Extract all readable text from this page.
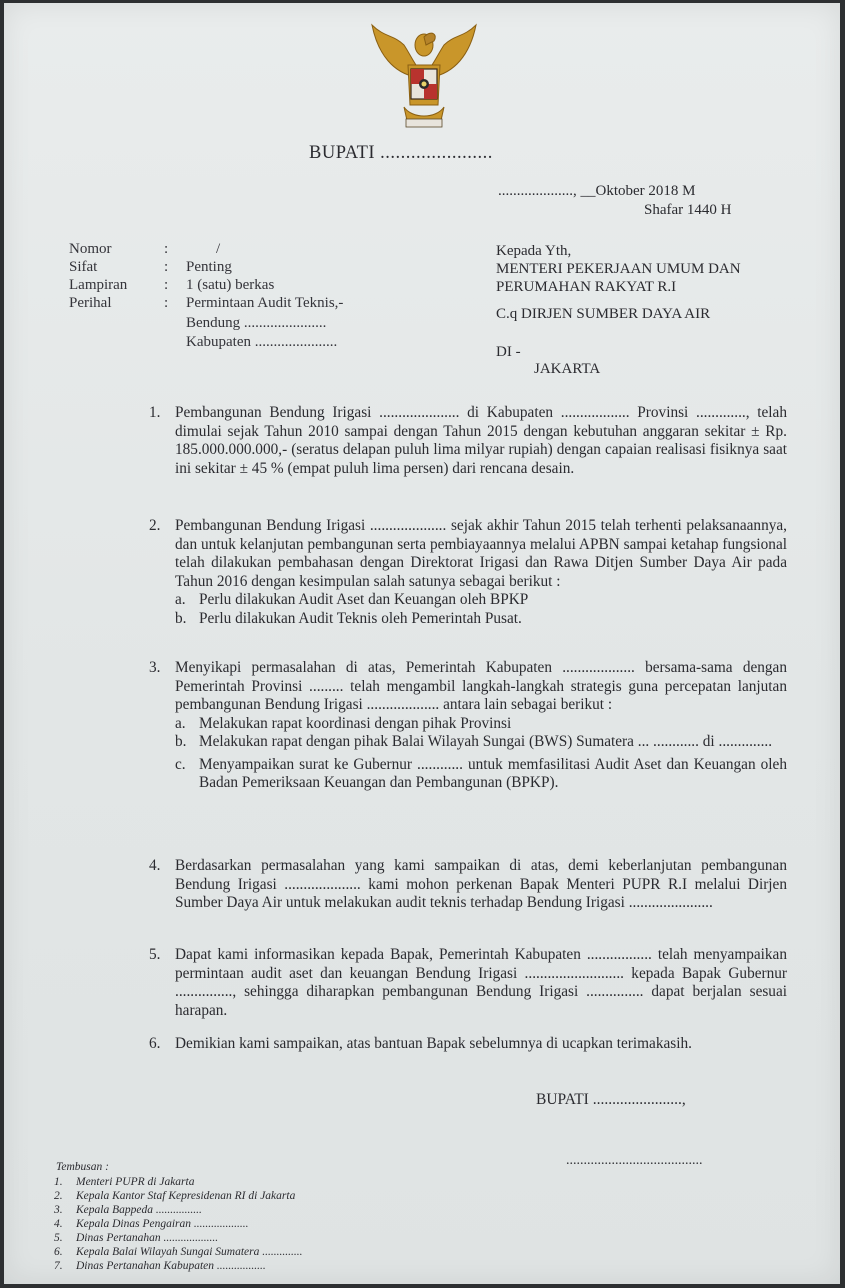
BUPATI ......................
...................., __Oktober 2018 M
Shafar 1440 H
Nomor	:	/
Sifat	: Penting
Lampiran : 1 (satu) berkas
Perihal	: Permintaan Audit Teknis,-
Bendung ......................
Kabupaten ......................
Kepada Yth,
MENTERI PEKERJAAN UMUM DAN
PERUMAHAN RAKYAT R.I
C.q DIRJEN SUMBER DAYA AIR
DI -
JAKARTA
1. Pembangunan Bendung Irigasi ..................... di Kabupaten .................. Provinsi ............., telah dimulai sejak Tahun 2010 sampai dengan Tahun 2015 dengan kebutuhan anggaran sekitar ± Rp. 185.000.000.000,- (seratus delapan puluh lima milyar rupiah) dengan capaian realisasi fisiknya saat ini sekitar ± 45 % (empat puluh lima persen) dari rencana desain.
2. Pembangunan Bendung Irigasi .................... sejak akhir Tahun 2015 telah terhenti pelaksanaannya, dan untuk kelanjutan pembangunan serta pembiayaannya melalui APBN sampai ketahap fungsional telah dilakukan pembahasan dengan Direktorat Irigasi dan Rawa Ditjen Sumber Daya Air pada Tahun 2016 dengan kesimpulan salah satunya sebagai berikut :
a. Perlu dilakukan Audit Aset dan Keuangan oleh BPKP
b. Perlu dilakukan Audit Teknis oleh Pemerintah Pusat.
3. Menyikapi permasalahan di atas, Pemerintah Kabupaten ................... bersama-sama dengan Pemerintah Provinsi ......... telah mengambil langkah-langkah strategis guna percepatan lanjutan pembangunan Bendung Irigasi ................... antara lain sebagai berikut :
a. Melakukan rapat koordinasi dengan pihak Provinsi
b. Melakukan rapat dengan pihak Balai Wilayah Sungai (BWS) Sumatera ... ............ di ..............
c. Menyampaikan surat ke Gubernur ............ untuk memfasilitasi Audit Aset dan Keuangan oleh Badan Pemeriksaan Keuangan dan Pembangunan (BPKP).
4. Berdasarkan permasalahan yang kami sampaikan di atas, demi keberlanjutan pembangunan Bendung Irigasi .................... kami mohon perkenan Bapak Menteri PUPR R.I melalui Dirjen Sumber Daya Air untuk melakukan audit teknis terhadap Bendung Irigasi ......................
5. Dapat kami informasikan kepada Bapak, Pemerintah Kabupaten ................. telah menyampaikan permintaan audit aset dan keuangan Bendung Irigasi .......................... kepada Bapak Gubernur ..............., sehingga diharapkan pembangunan Bendung Irigasi ............... dapat berjalan sesuai harapan.
6. Demikian kami sampaikan, atas bantuan Bapak sebelumnya di ucapkan terimakasih.
BUPATI .......................,
.......................................
Tembusan :
1. Menteri PUPR di Jakarta
2. Kepala Kantor Staf Kepresidenan RI di Jakarta
3. Kepala Bappeda ................
4. Kepala Dinas Pengairan ...................
5. Dinas Pertanahan ...................
6. Kepala Balai Wilayah Sungai Sumatera ..............
7. Dinas Pertanahan Kabupaten .................
